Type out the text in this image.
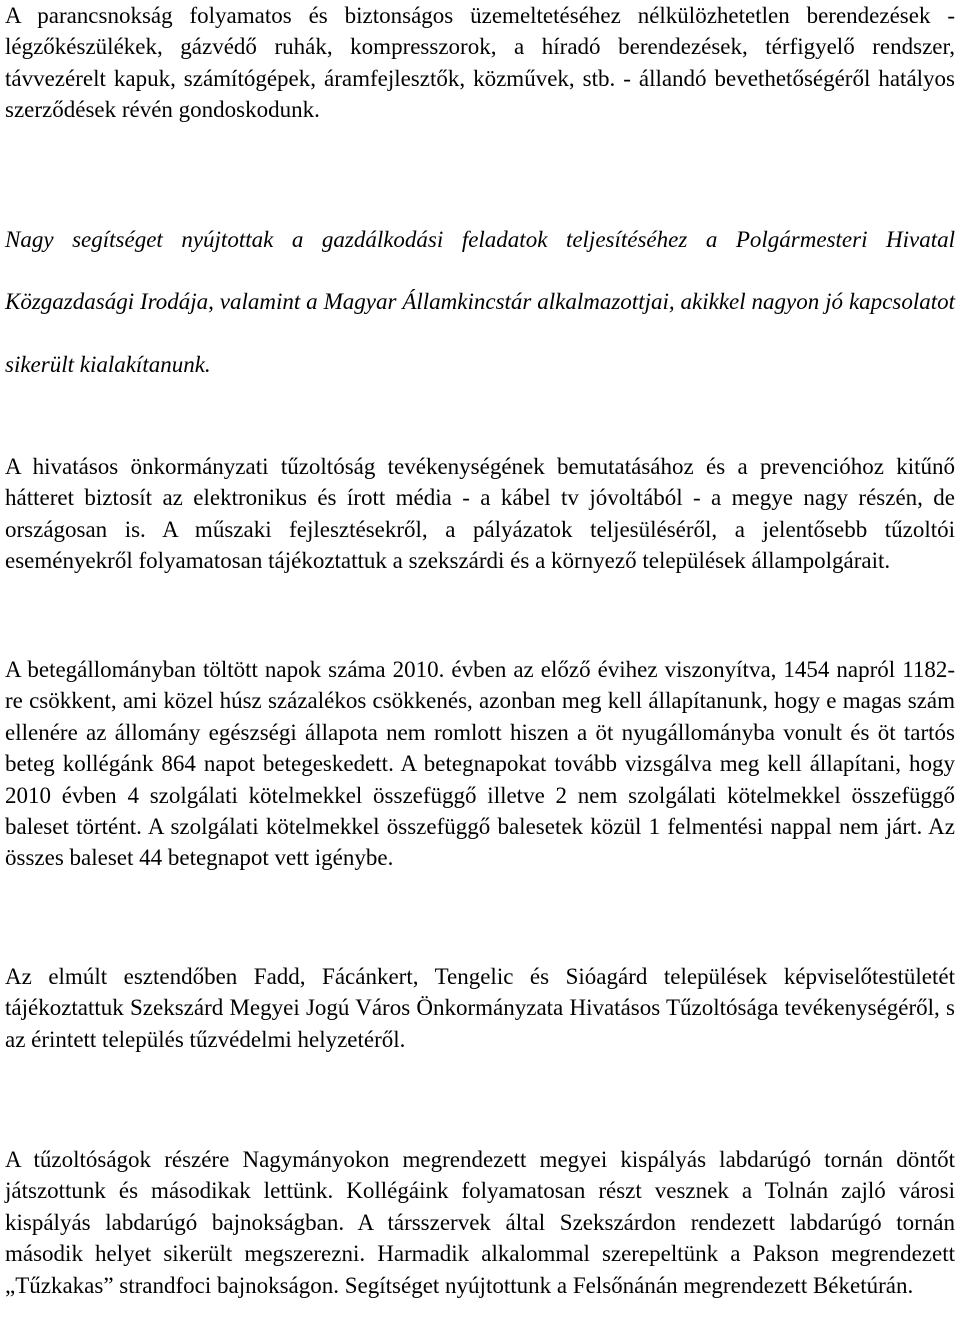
A parancsnokság folyamatos és biztonságos üzemeltetéséhez nélkülözhetetlen berendezések - légzőkészülékek, gázvédő ruhák, kompresszorok, a híradó berendezések, térfigyelő rendszer, távvezérelt kapuk, számítógépek, áramfejlesztők, közművek, stb. - állandó bevethetőségéről hatályos szerződések révén gondoskodunk.

Nagy segítséget nyújtottak a gazdálkodási feladatok teljesítéséhez a Polgármesteri Hivatal Közgazdasági Irodája, valamint a Magyar Államkincstár alkalmazottjai, akikkel nagyon jó kapcsolatot sikerült kialakítanunk.

A hivatásos önkormányzati tűzoltóság tevékenységének bemutatásához és a prevencióhoz kitűnő hátteret biztosít az elektronikus és írott média - a kábel tv jóvoltából - a megye nagy részén, de országosan is. A műszaki fejlesztésekről, a pályázatok teljesüléséről, a jelentősebb tűzoltói eseményekről folyamatosan tájékoztattuk a szekszárdi és a környező települések állampolgárait.

A betegállományban töltött napok száma 2010. évben az előző évihez viszonyítva, 1454 napról 1182-re csökkent, ami közel húsz százalékos csökkenés, azonban meg kell állapítanunk, hogy e magas szám ellenére az állomány egészségi állapota nem romlott hiszen a öt nyugállományba vonult és öt tartós beteg kollégánk 864 napot betegeskedett. A betegnapokat tovább vizsgálva meg kell állapítani, hogy 2010 évben 4 szolgálati kötelmekkel összefüggő illetve 2 nem szolgálati kötelmekkel összefüggő baleset történt. A szolgálati kötelmekkel összefüggő balesetek közül 1 felmentési nappal nem járt. Az összes baleset 44 betegnapot vett igénybe.

Az elmúlt esztendőben Fadd, Fácánkert, Tengelic és Sióagárd települések képviselőtestületét tájékoztattuk Szekszárd Megyei Jogú Város Önkormányzata Hivatásos Tűzoltósága tevékenységéről, s az érintett település tűzvédelmi helyzetéről.

A tűzoltóságok részére Nagymányokon megrendezett megyei kispályás labdarúgó tornán döntőt játszottunk és másodikak lettünk. Kollégáink folyamatosan részt vesznek a Tolnán zajló városi kispályás labdarúgó bajnokságban. A társszervek által Szekszárdon rendezett labdarúgó tornán második helyet sikerült megszerezni. Harmadik alkalommal szerepeltünk a Pakson megrendezett „Tűzkakas” strandfoci bajnokságon. Segítséget nyújtottunk a Felsőnánán megrendezett Béketúrán.
